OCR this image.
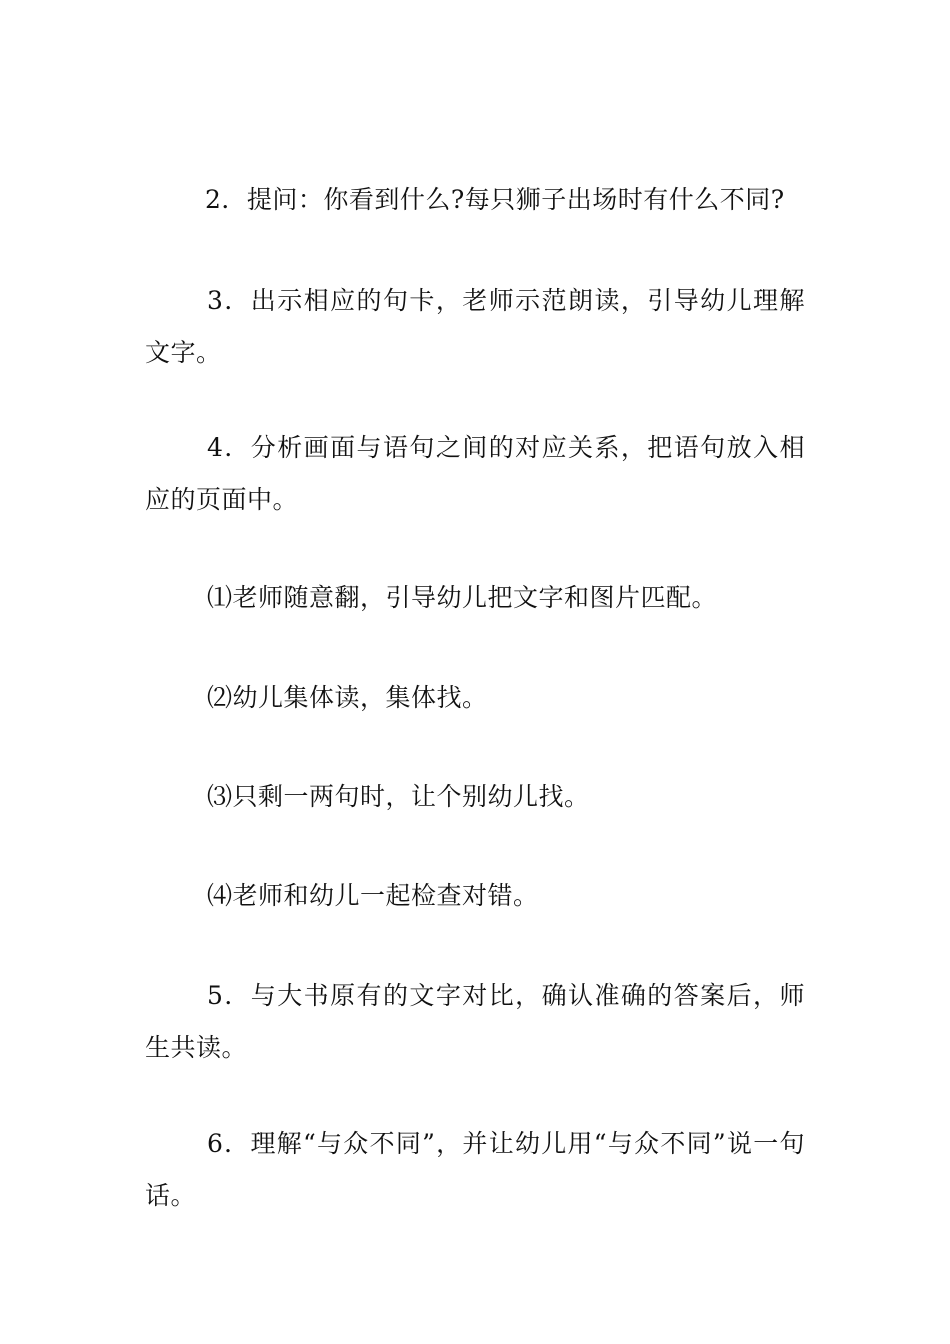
2．提问：你看到什么?每只狮子出场时有什么不同?

3．出示相应的句卡，老师示范朗读，引导幼儿理解文字。

4．分析画面与语句之间的对应关系，把语句放入相应的页面中。

⑴老师随意翻，引导幼儿把文字和图片匹配。

⑵幼儿集体读，集体找。

⑶只剩一两句时，让个别幼儿找。

⑷老师和幼儿一起检查对错。

5．与大书原有的文字对比，确认准确的答案后，师生共读。

6．理解“与众不同”，并让幼儿用“与众不同”说一句话。
